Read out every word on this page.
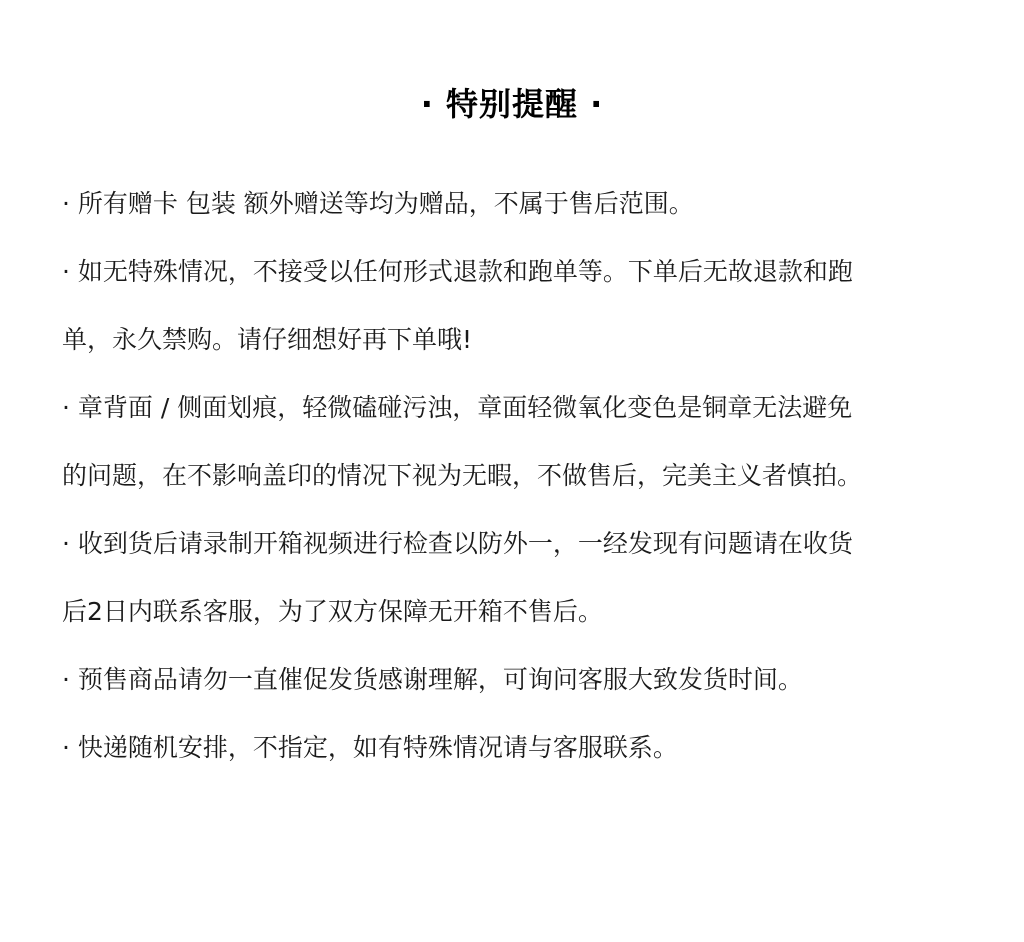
· 特别提醒 ·
· 所有赠卡 包装 额外赠送等均为赠品，不属于售后范围。
· 如无特殊情况，不接受以任何形式退款和跑单等。下单后无故退款和跑
单，永久禁购。请仔细想好再下单哦!
· 章背面 / 侧面划痕，轻微磕碰污浊，章面轻微氧化变色是铜章无法避免
的问题，在不影响盖印的情况下视为无暇，不做售后，完美主义者慎拍。
· 收到货后请录制开箱视频进行检查以防外一，一经发现有问题请在收货
后2日内联系客服，为了双方保障无开箱不售后。
· 预售商品请勿一直催促发货感谢理解，可询问客服大致发货时间。
· 快递随机安排，不指定，如有特殊情况请与客服联系。
